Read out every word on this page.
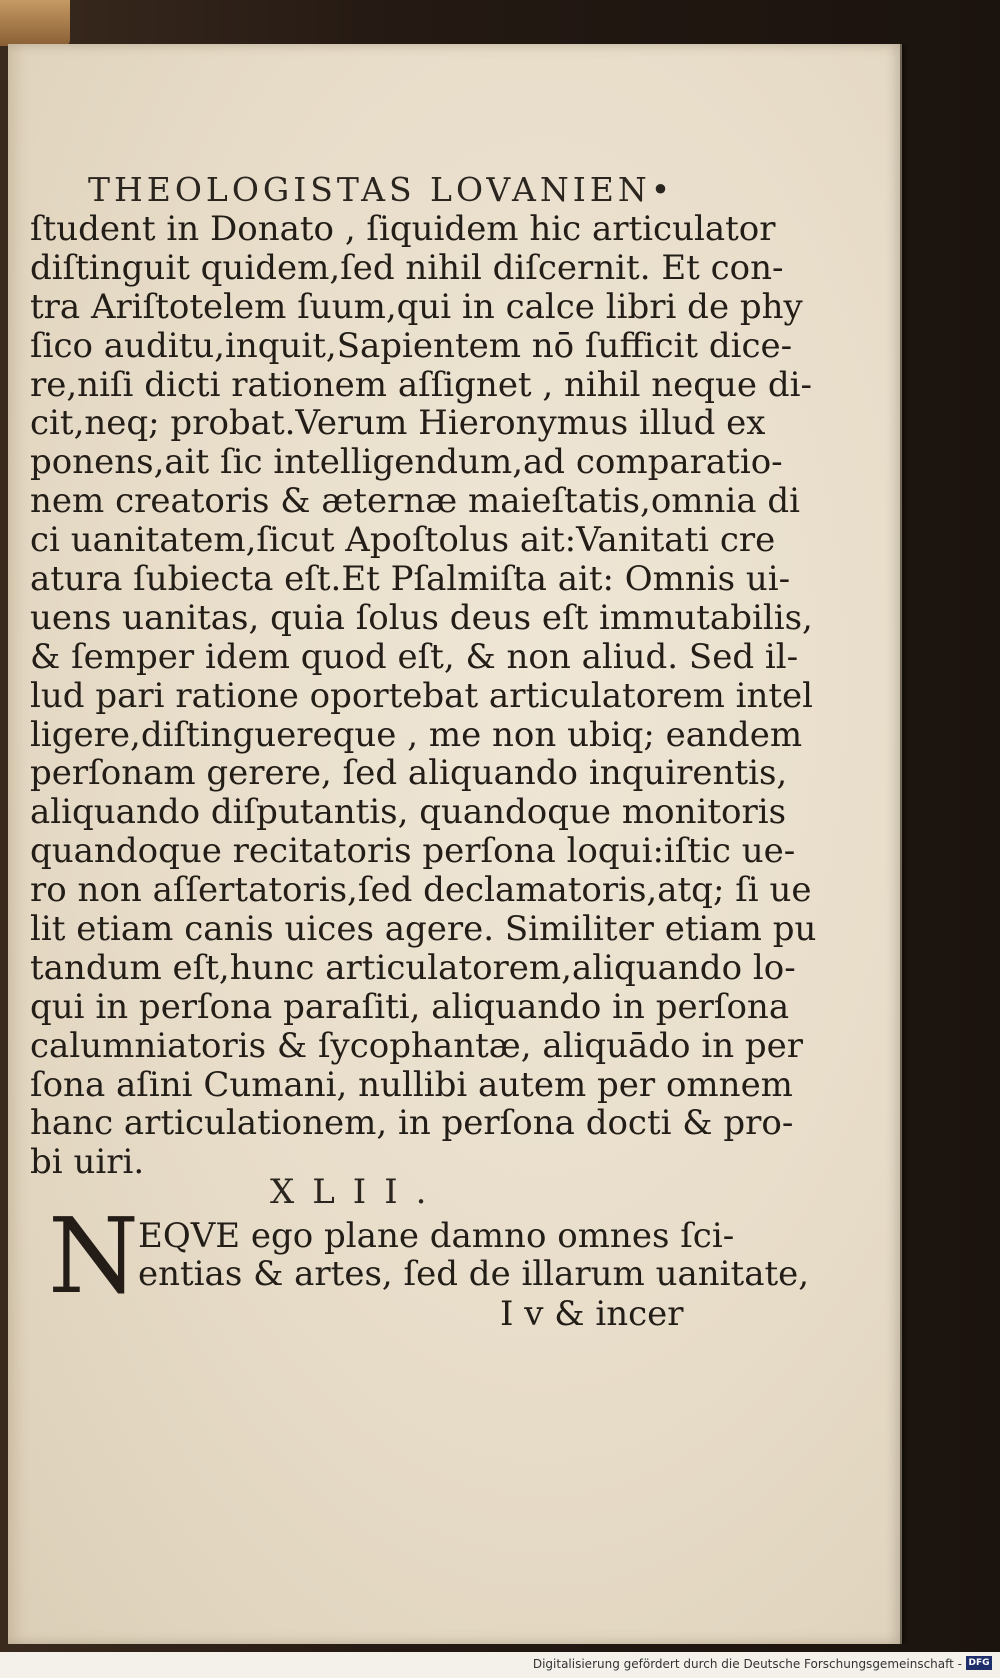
THEOLOGISTAS LOVANIEN•
ſtudent in Donato , ſiquidem hic articulator
diſtinguit quidem,ſed nihil diſcernit. Et con-
tra Ariſtotelem ſuum,qui in calce libri de phy
ſico auditu,inquit,Sapientem nō ſufficit dice-
re,niſi dicti rationem aſſignet , nihil neque di-
cit,neq; probat.Verum Hieronymus illud ex
ponens,ait ſic intelligendum,ad comparatio-
nem creatoris & æternæ maieſtatis,omnia di
ci uanitatem,ſicut Apoſtolus ait:Vanitati cre
atura ſubiecta eſt.Et Pſalmiſta ait: Omnis ui-
uens uanitas, quia ſolus deus eſt immutabilis,
& ſemper idem quod eſt, & non aliud. Sed il-
lud pari ratione oportebat articulatorem intel
ligere,diſtinguereque , me non ubiq; eandem
perſonam gerere, ſed aliquando inquirentis,
aliquando diſputantis, quandoque monitoris
quandoque recitatoris perſona loqui:iſtic ue-
ro non aſſertatoris,ſed declamatoris,atq; ſi ue
lit etiam canis uices agere. Similiter etiam pu
tandum eſt,hunc articulatorem,aliquando lo-
qui in perſona paraſiti, aliquando in perſona
calumniatoris & ſycophantæ, aliquādo in per
ſona aſini Cumani, nullibi autem per omnem
hanc articulationem, in perſona docti & pro-
bi uiri.
XLII.
N EQVE ego plane damno omnes ſci-
entias & artes, ſed de illarum uanitate,
I v & incer
Digitalisierung gefördert durch die Deutsche Forschungsgemeinschaft - DFG
